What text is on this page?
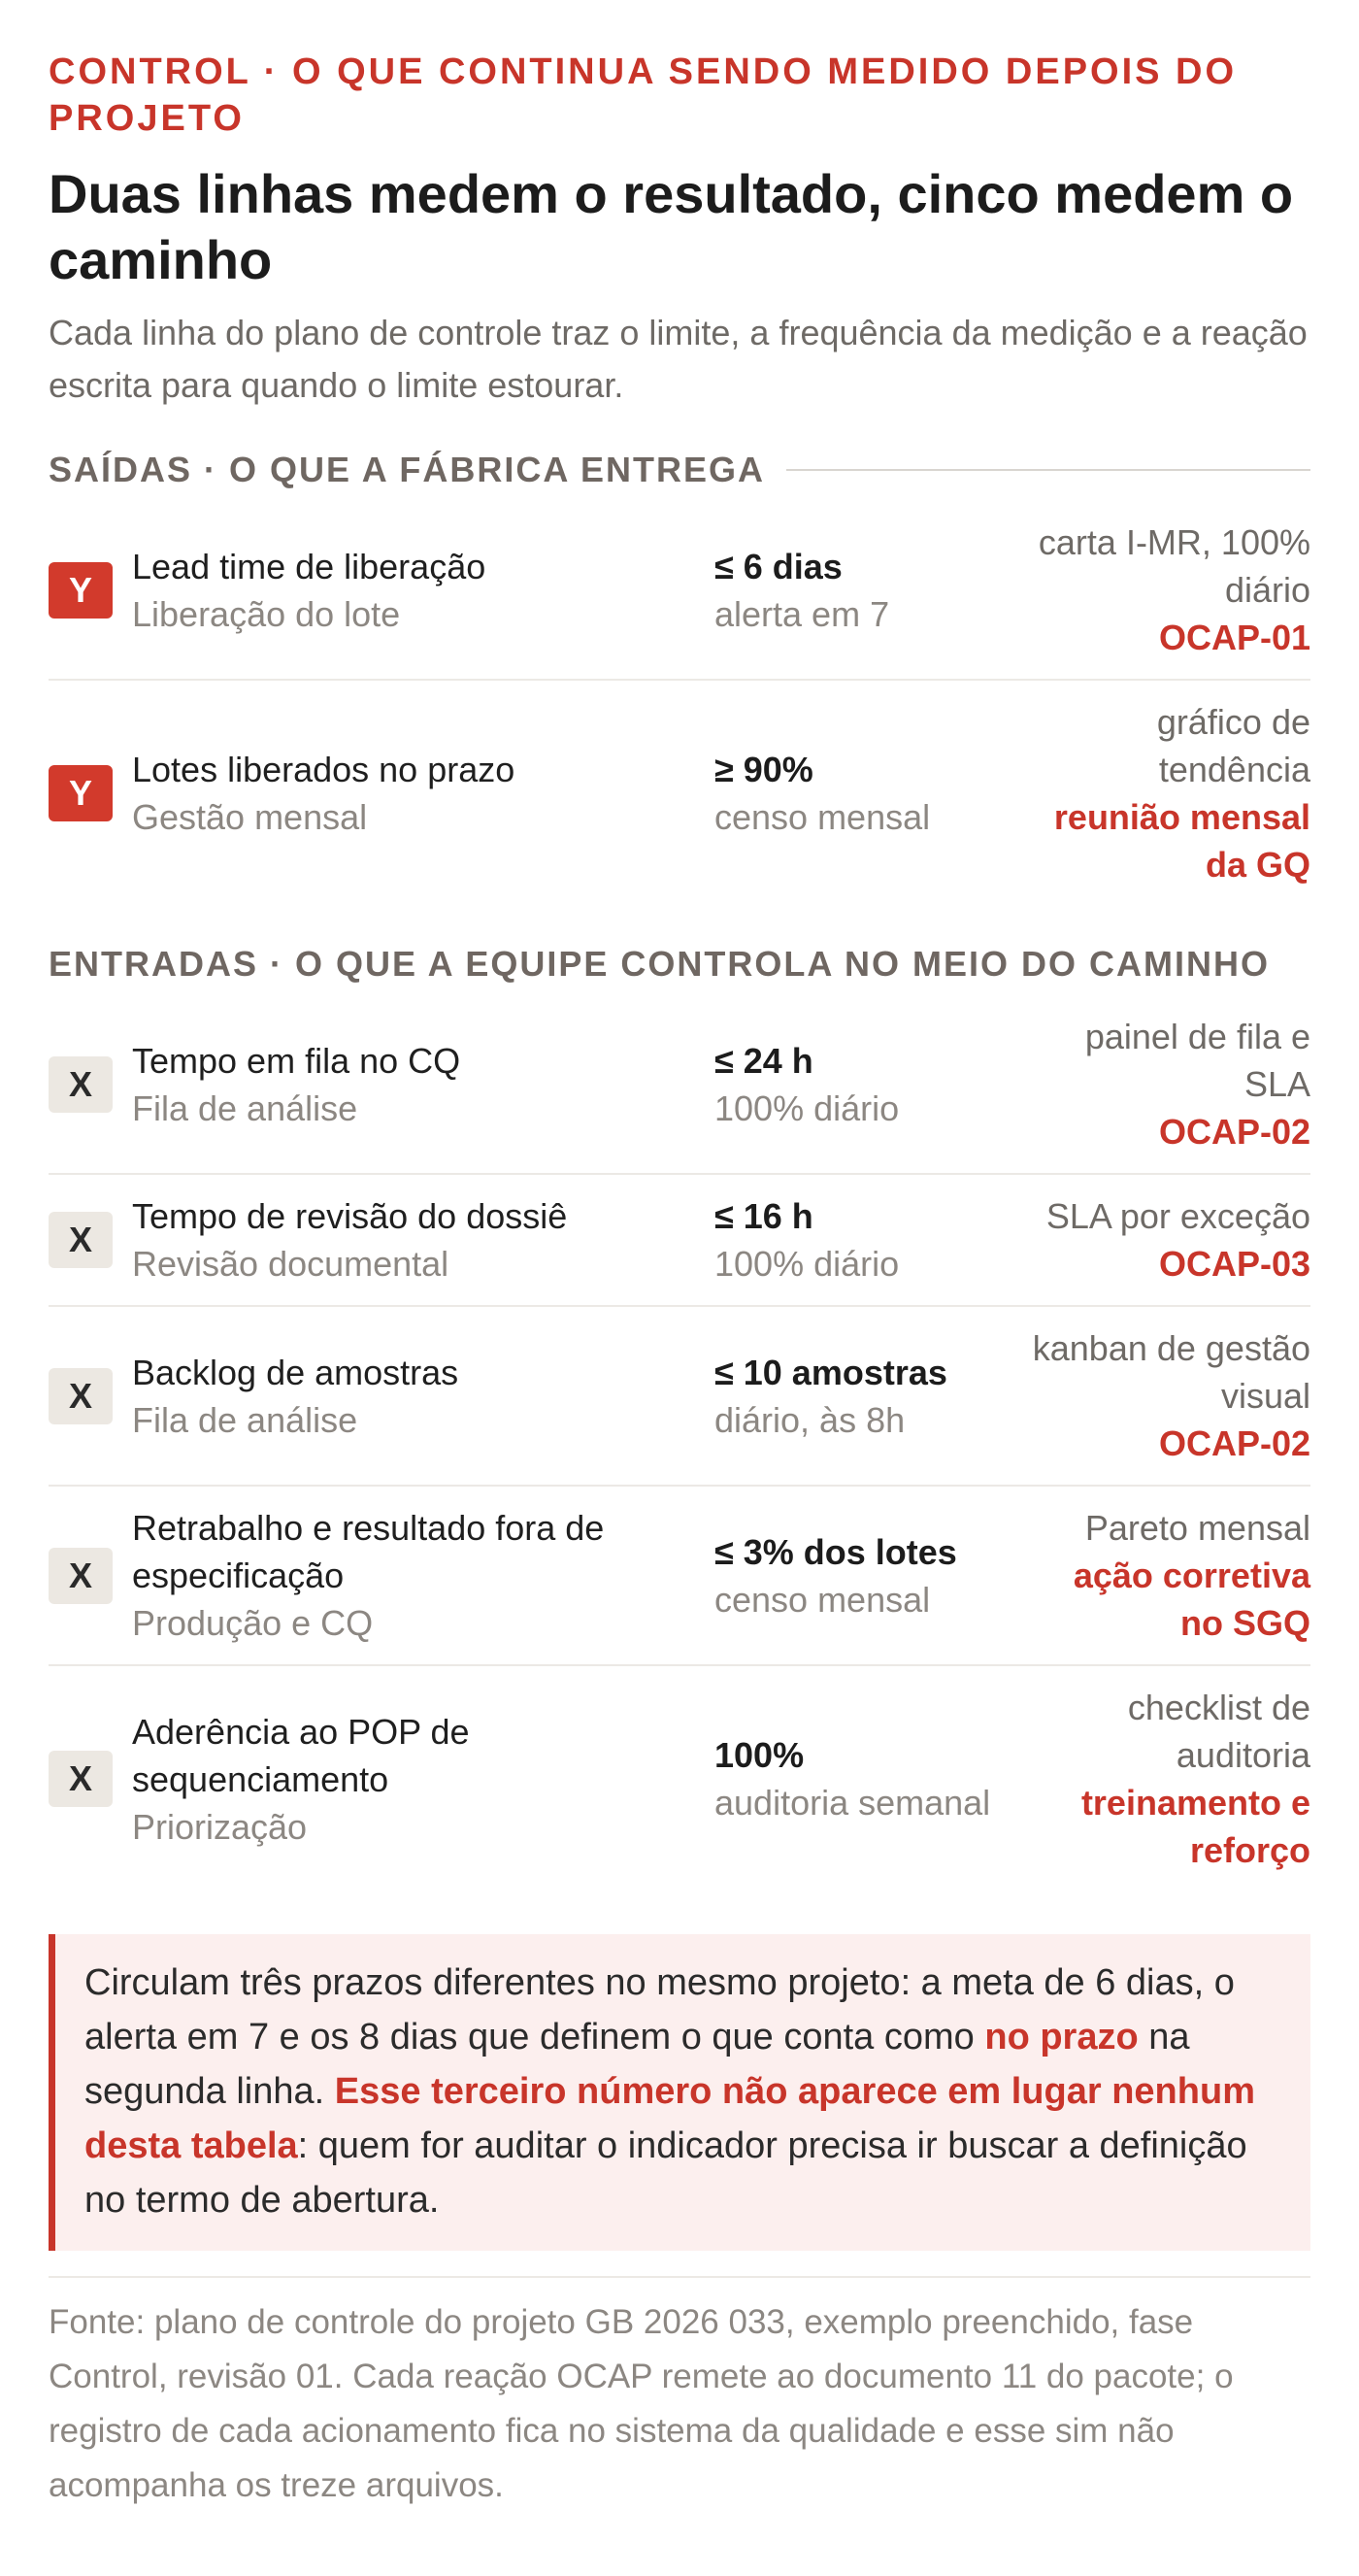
CONTROL · O QUE CONTINUA SENDO MEDIDO DEPOIS DO PROJETO
Duas linhas medem o resultado, cinco medem o caminho
Cada linha do plano de controle traz o limite, a frequência da medição e a reação escrita para quando o limite estourar.
SAÍDAS · O QUE A FÁBRICA ENTREGA
Y
Lead time de liberação
Liberação do lote
≤ 6 dias
alerta em 7
carta I-MR, 100% diário
OCAP-01
Y
Lotes liberados no prazo
Gestão mensal
≥ 90%
censo mensal
gráfico de tendência
reunião mensal da GQ
ENTRADAS · O QUE A EQUIPE CONTROLA NO MEIO DO CAMINHO
X
Tempo em fila no CQ
Fila de análise
≤ 24 h
100% diário
painel de fila e SLA
OCAP-02
X
Tempo de revisão do dossiê
Revisão documental
≤ 16 h
100% diário
SLA por exceção
OCAP-03
X
Backlog de amostras
Fila de análise
≤ 10 amostras
diário, às 8h
kanban de gestão visual
OCAP-02
X
Retrabalho e resultado fora de especificação
Produção e CQ
≤ 3% dos lotes
censo mensal
Pareto mensal
ação corretiva no SGQ
X
Aderência ao POP de sequenciamento
Priorização
100%
auditoria semanal
checklist de auditoria
treinamento e reforço
Circulam três prazos diferentes no mesmo projeto: a meta de 6 dias, o alerta em 7 e os 8 dias que definem o que conta como no prazo na segunda linha. Esse terceiro número não aparece em lugar nenhum desta tabela: quem for auditar o indicador precisa ir buscar a definição no termo de abertura.
Fonte: plano de controle do projeto GB 2026 033, exemplo preenchido, fase Control, revisão 01. Cada reação OCAP remete ao documento 11 do pacote; o registro de cada acionamento fica no sistema da qualidade e esse sim não acompanha os treze arquivos.
